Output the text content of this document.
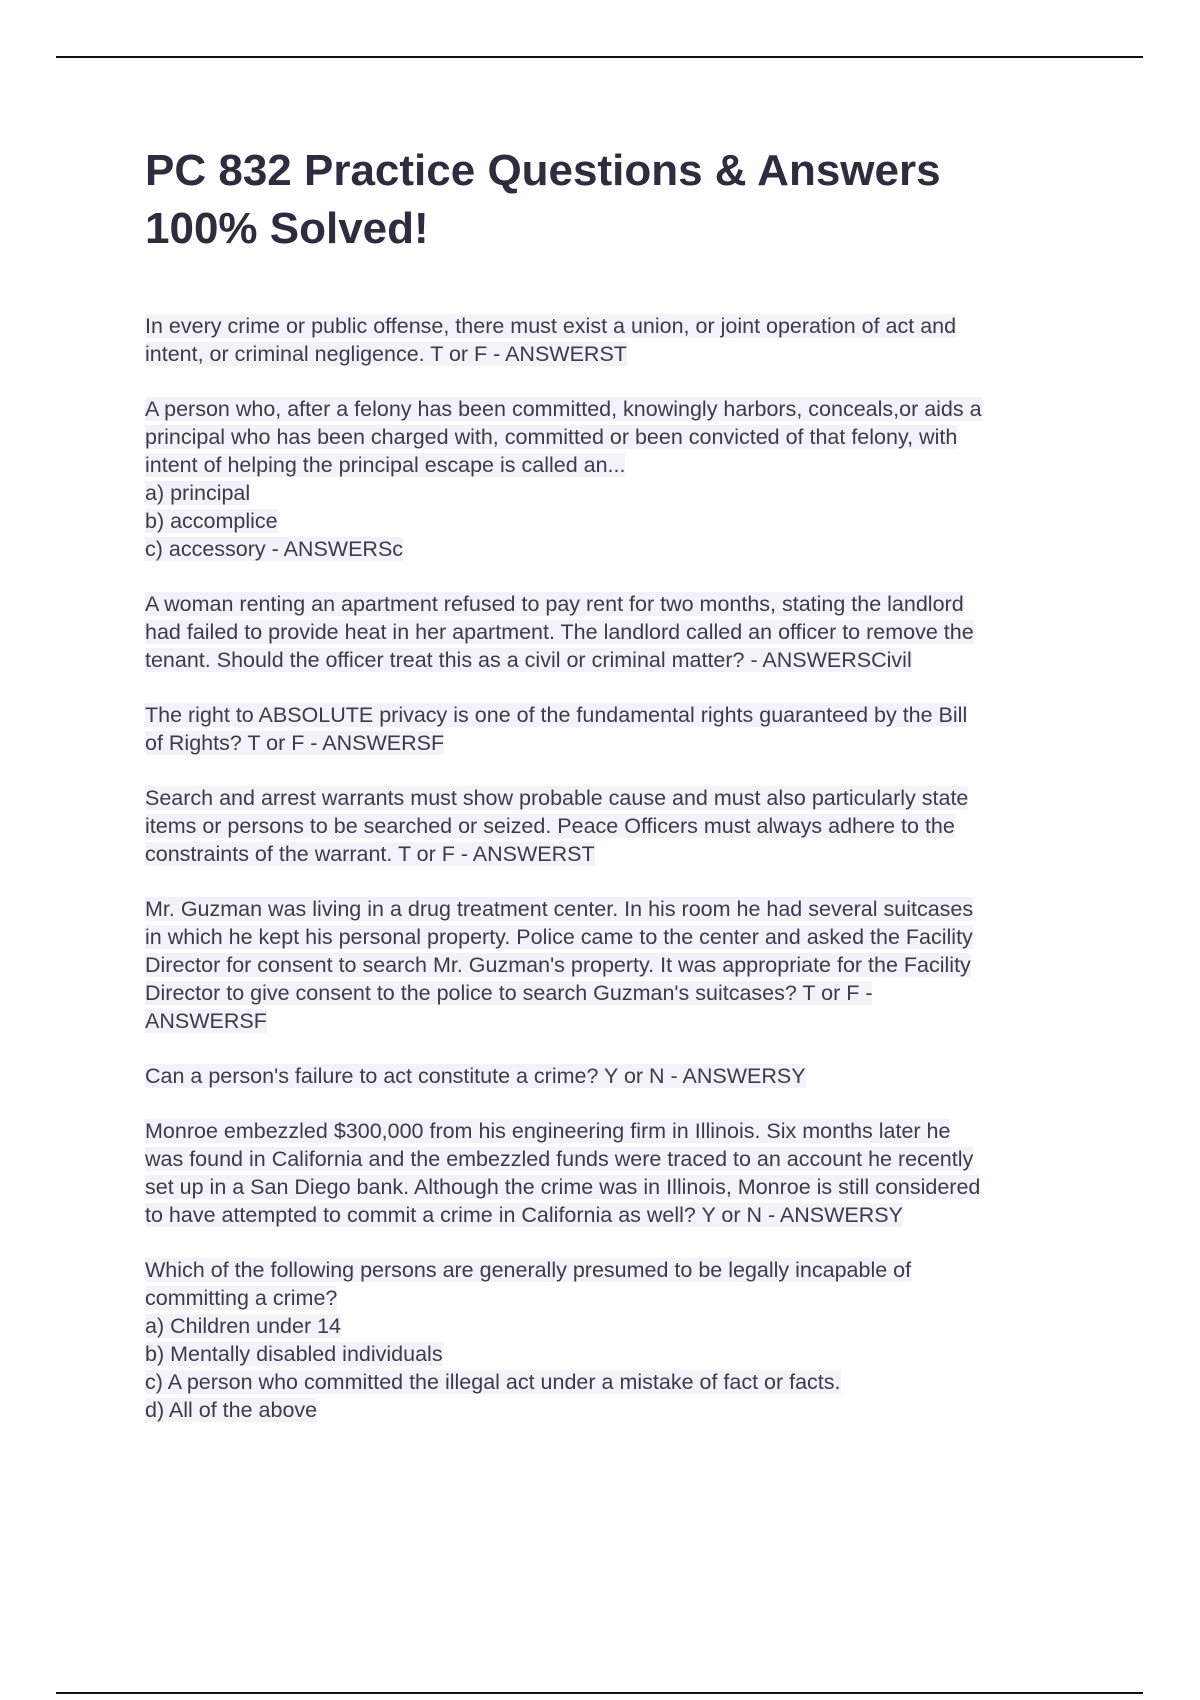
PC 832 Practice Questions & Answers
100% Solved!

In every crime or public offense, there must exist a union, or joint operation of act and
intent, or criminal negligence. T or F - ANSWERST

A person who, after a felony has been committed, knowingly harbors, conceals,or aids a
principal who has been charged with, committed or been convicted of that felony, with
intent of helping the principal escape is called an...
a) principal
b) accomplice
c) accessory - ANSWERSc

A woman renting an apartment refused to pay rent for two months, stating the landlord
had failed to provide heat in her apartment. The landlord called an officer to remove the
tenant. Should the officer treat this as a civil or criminal matter? - ANSWERSCivil

The right to ABSOLUTE privacy is one of the fundamental rights guaranteed by the Bill
of Rights? T or F - ANSWERSF

Search and arrest warrants must show probable cause and must also particularly state
items or persons to be searched or seized. Peace Officers must always adhere to the
constraints of the warrant. T or F - ANSWERST

Mr. Guzman was living in a drug treatment center. In his room he had several suitcases
in which he kept his personal property. Police came to the center and asked the Facility
Director for consent to search Mr. Guzman's property. It was appropriate for the Facility
Director to give consent to the police to search Guzman's suitcases? T or F -
ANSWERSF

Can a person's failure to act constitute a crime? Y or N - ANSWERSY

Monroe embezzled $300,000 from his engineering firm in Illinois. Six months later he
was found in California and the embezzled funds were traced to an account he recently
set up in a San Diego bank. Although the crime was in Illinois, Monroe is still considered
to have attempted to commit a crime in California as well? Y or N - ANSWERSY

Which of the following persons are generally presumed to be legally incapable of
committing a crime?
a) Children under 14
b) Mentally disabled individuals
c) A person who committed the illegal act under a mistake of fact or facts.
d) All of the above
